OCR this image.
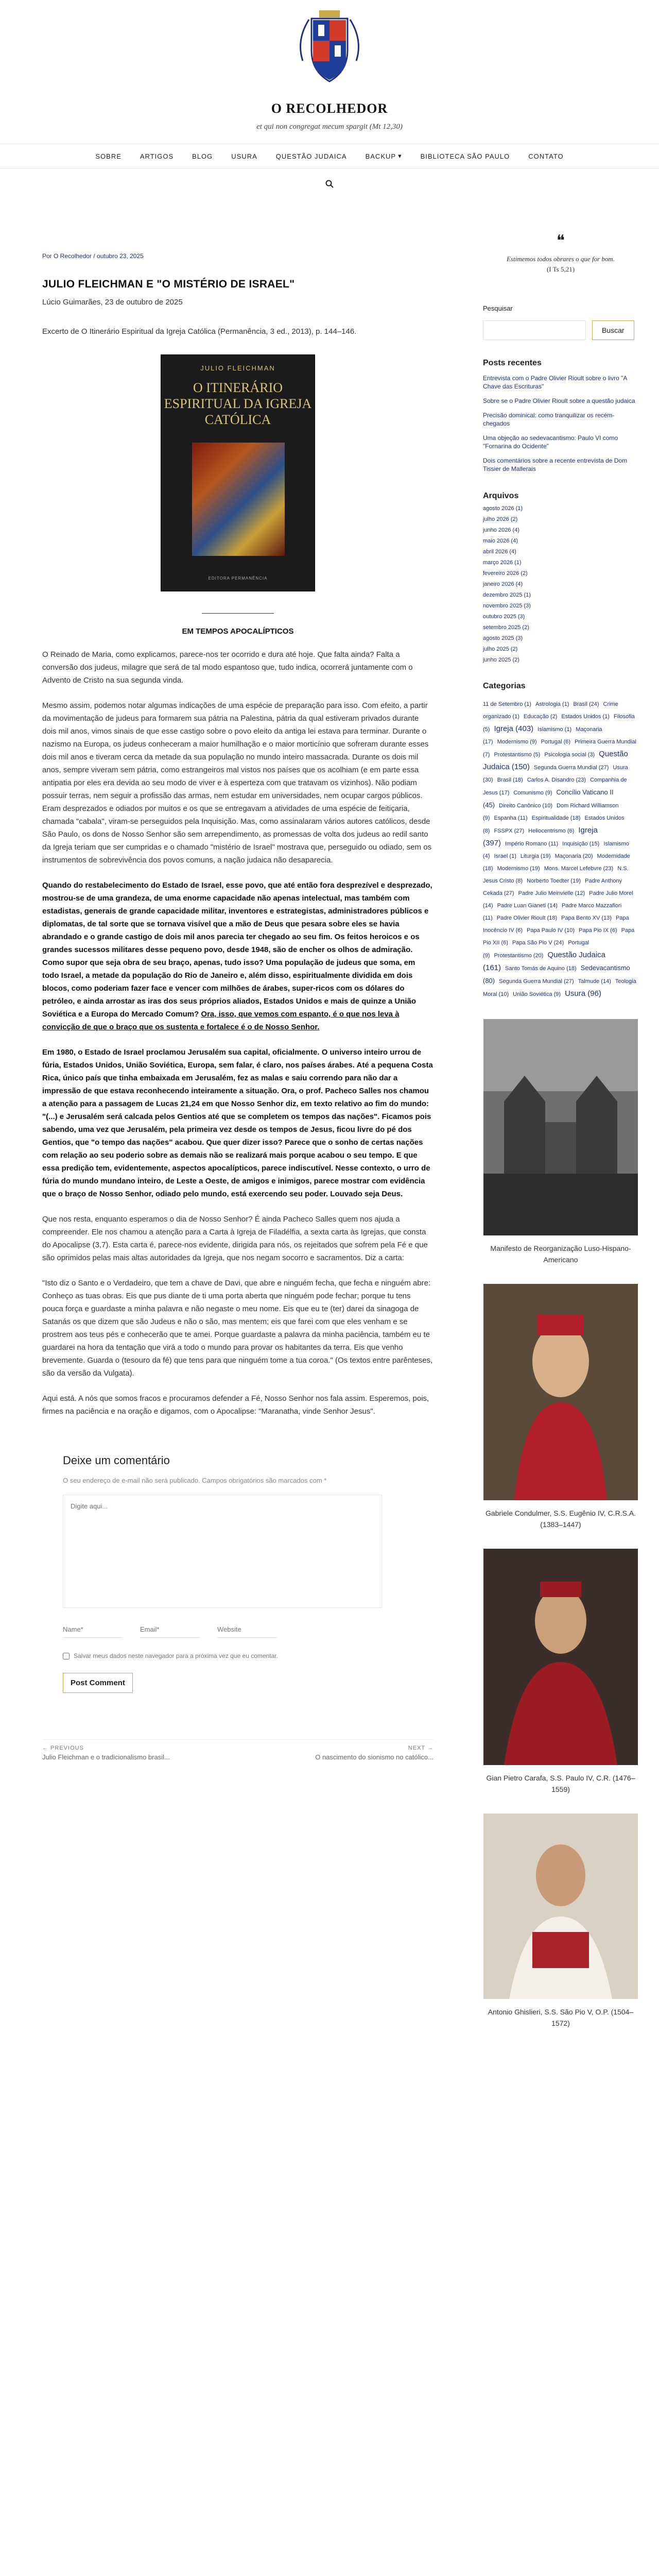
O RECOLHEDOR
et qui non congregat mecum spargit (Mt 12,30)
SOBRE	ARTIGOS	BLOG	USURA	QUESTÃO JUDAICA	BACKUP ▾	BIBLIOTECA SÃO PAULO	CONTATO
Por O Recolhedor / outubro 23, 2025
JULIO FLEICHMAN E "O MISTÉRIO DE ISRAEL"
Lúcio Guimarães, 23 de outubro de 2025

Excerto de O Itinerário Espiritual da Igreja Católica (Permanência, 3 ed., 2013), p. 144–146.

JULIO FLEICHMAN
O ITINERÁRIO ESPIRITUAL DA IGREJA CATÓLICA
EDITORA PERMANÊNCIA
EM TEMPOS APOCALÍPTICOS

O Reinado de Maria, como explicamos, parece-nos ter ocorrido e dura até hoje. Que falta ainda? Falta a conversão dos judeus, milagre que será de tal modo espantoso que, tudo indica, ocorrerá juntamente com o Advento de Cristo na sua segunda vinda.

Mesmo assim, podemos notar algumas indicações de uma espécie de preparação para isso. Com efeito, a partir da movimentação de judeus para formarem sua pátria na Palestina, pátria da qual estiveram privados durante dois mil anos, vimos sinais de que esse castigo sobre o povo eleito da antiga lei estava para terminar. Durante o nazismo na Europa, os judeus conheceram a maior humilhação e o maior morticínio que sofreram durante esses dois mil anos e tiveram cerca da metade da sua população no mundo inteiro massacrada. Durante os dois mil anos, sempre viveram sem pátria, como estrangeiros mal vistos nos países que os acolhiam (e em parte essa antipatia por eles era devida ao seu modo de viver e à esperteza com que tratavam os vizinhos). Não podiam possuir terras, nem seguir a profissão das armas, nem estudar em universidades, nem ocupar cargos públicos. Eram desprezados e odiados por muitos e os que se entregavam a atividades de uma espécie de feitiçaria, chamada "cabala", viram-se perseguidos pela Inquisição. Mas, como assinalaram vários autores católicos, desde São Paulo, os dons de Nosso Senhor são sem arrependimento, as promessas de volta dos judeus ao redil santo da Igreja teriam que ser cumpridas e o chamado "mistério de Israel" mostrava que, perseguido ou odiado, sem os instrumentos de sobrevivência dos povos comuns, a nação judaica não desaparecia.

Quando do restabelecimento do Estado de Israel, esse povo, que até então fora desprezível e desprezado, mostrou-se de uma grandeza, de uma enorme capacidade não apenas intelectual, mas também com estadistas, generais de grande capacidade militar, inventores e estrategistas, administradores públicos e diplomatas, de tal sorte que se tornava visível que a mão de Deus que pesara sobre eles se havia abrandado e o grande castigo de dois mil anos parecia ter chegado ao seu fim. Os feitos heroicos e os grandes sucessos militares desse pequeno povo, desde 1948, são de encher os olhos de admiração. Como supor que seja obra de seu braço, apenas, tudo isso? Uma população de judeus que soma, em todo Israel, a metade da população do Rio de Janeiro e, além disso, espiritualmente dividida em dois blocos, como poderiam fazer face e vencer com milhões de árabes, super-ricos com os dólares do petróleo, e ainda arrostar as iras dos seus próprios aliados, Estados Unidos e mais de quinze a União Soviética e a Europa do Mercado Comum? Ora, isso, que vemos com espanto, é o que nos leva à convicção de que o braço que os sustenta e fortalece é o de Nosso Senhor.

Em 1980, o Estado de Israel proclamou Jerusalém sua capital, oficialmente. O universo inteiro urrou de fúria, Estados Unidos, União Soviética, Europa, sem falar, é claro, nos países árabes. Até a pequena Costa Rica, único país que tinha embaixada em Jerusalém, fez as malas e saiu correndo para não dar a impressão de que estava reconhecendo inteiramente a situação. Ora, o prof. Pacheco Salles nos chamou a atenção para a passagem de Lucas 21,24 em que Nosso Senhor diz, em texto relativo ao fim do mundo: "(...) e Jerusalém será calcada pelos Gentios até que se completem os tempos das nações". Ficamos pois sabendo, uma vez que Jerusalém, pela primeira vez desde os tempos de Jesus, ficou livre do pé dos Gentios, que "o tempo das nações" acabou. Que quer dizer isso? Parece que o sonho de certas nações com relação ao seu poderio sobre as demais não se realizará mais porque acabou o seu tempo. E que essa predição tem, evidentemente, aspectos apocalípticos, parece indiscutível. Nesse contexto, o urro de fúria do mundo mundano inteiro, de Leste a Oeste, de amigos e inimigos, parece mostrar com evidência que o braço de Nosso Senhor, odiado pelo mundo, está exercendo seu poder. Louvado seja Deus.

Que nos resta, enquanto esperamos o dia de Nosso Senhor? É ainda Pacheco Salles quem nos ajuda a compreender. Ele nos chamou a atenção para a Carta à Igreja de Filadélfia, a sexta carta às Igrejas, que consta do Apocalipse (3,7). Esta carta é, parece-nos evidente, dirigida para nós, os rejeitados que sofrem pela Fé e que são oprimidos pelas mais altas autoridades da Igreja, que nos negam socorro e sacramentos. Diz a carta:

"Isto diz o Santo e o Verdadeiro, que tem a chave de Davi, que abre e ninguém fecha, que fecha e ninguém abre: Conheço as tuas obras. Eis que pus diante de ti uma porta aberta que ninguém pode fechar; porque tu tens pouca força e guardaste a minha palavra e não negaste o meu nome. Eis que eu te (ter) darei da sinagoga de Satanás os que dizem que são Judeus e não o são, mas mentem; eis que farei com que eles venham e se prostrem aos teus pés e conhecerão que te amei. Porque guardaste a palavra da minha paciência, também eu te guardarei na hora da tentação que virá a todo o mundo para provar os habitantes da terra. Eis que venho brevemente. Guarda o (tesouro da fé) que tens para que ninguém tome a tua coroa." (Os textos entre parênteses, são da versão da Vulgata).

Aqui está. A nós que somos fracos e procuramos defender a Fé, Nosso Senhor nos fala assim. Esperemos, pois, firmes na paciência e na oração e digamos, com o Apocalipse: "Maranatha, vinde Senhor Jesus".

Deixe um comentário

O seu endereço de e-mail não será publicado. Campos obrigatórios são marcados com *

Digite aqui...
Name*
Email*
Website
Salvar meus dados neste navegador para a próxima vez que eu comentar.
Post Comment
← PREVIOUS
Julio Fleichman e o tradicionalismo brasil...
NEXT →
O nascimento do sionismo no católico...
❝
Estimemos todos obrares o que for bom.
(I Ts 5,21)
Pesquisar
Buscar
Posts recentes
Entrevista com o Padre Olivier Rioult sobre o livro "A Chave das Escrituras"
Sobre se o Padre Olivier Rioult sobre a questão judaica
Precisão dominical: como tranquilizar os recém-chegados
Uma objeção ao sedevacantismo: Paulo VI como "Fornarina do Ocidente"
Dois comentários sobre a recente entrevista de Dom Tissier de Mallerais
Arquivos
agosto 2026 (1)
julho 2026 (2)
junho 2026 (4)
maio 2026 (4)
abril 2026 (4)
março 2026 (1)
fevereiro 2026 (2)
janeiro 2026 (4)
dezembro 2025 (1)
novembro 2025 (3)
outubro 2025 (3)
setembro 2025 (2)
agosto 2025 (3)
julho 2025 (2)
junho 2025 (2)
Categorias
11 de Setembro (1) Astrologia (1) Brasil (24) Crime organizado (1) Educação (2) Estados Unidos (1) Filosofia (5) Igreja (403) Islamismo (1) Maçonaria (17) Modernismo (9) Portugal (6) Primeira Guerra Mundial (7) Protestantismo (5) Psicologia social (3) Questão Judaica (150) Segunda Guerra Mundial (27) Usura (30) Brasil (18) Carlos A. Disandro (23) Companhia de Jesus (17) Comunismo (9) Concílio Vaticano II (45) Direito Canônico (10) Dom Richard Williamson (9) Espanha (11) Espiritualidade (18) Estados Unidos (8) FSSPX (27) Heliocentrismo (6) Igreja (397) Império Romano (11) Inquisição (15) Islamismo (4) Israel (1) Liturgia (19) Maçonaria (20) Modernidade (18) Modernismo (19) Mons. Marcel Lefebvre (23) N.S. Jesus Cristo (8) Norberto Toedter (19) Padre Anthony Cekada (27) Padre Julio Meinvielle (12) Padre Julio Morel (14) Padre Luan Gianeti (14) Padre Marco Mazzafiori (11) Padre Olivier Rioult (18) Papa Bento XV (13) Papa Inocêncio IV (6) Papa Paulo IV (10) Papa Pio IX (6) Papa Pio XII (6) Papa São Pio V (24) Portugal (9) Protestantismo (20) Questão Judaica (161) Santo Tomás de Aquino (18) Sedevacantismo (80) Segunda Guerra Mundial (27) Talmude (14) Teologia Moral (10) União Soviética (9) Usura (96)
Manifesto de Reorganização Luso-Hispano-Americano
Gabriele Condulmer, S.S. Eugênio IV, C.R.S.A. (1383–1447)
Gian Pietro Carafa, S.S. Paulo IV, C.R. (1476–1559)
Antonio Ghislieri, S.S. São Pio V, O.P. (1504–1572)
